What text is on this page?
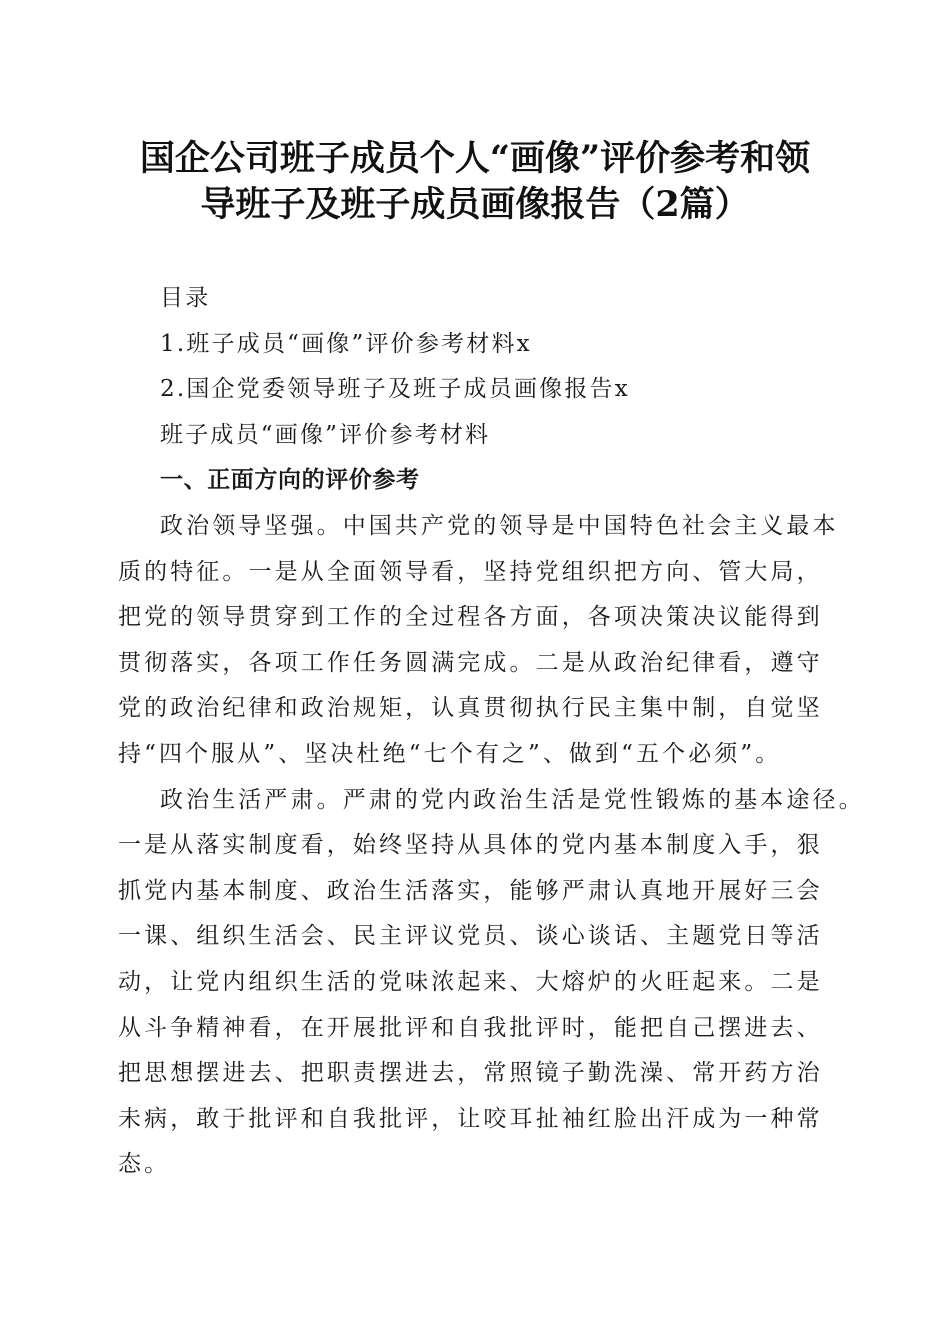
国企公司班子成员个人“画像”评价参考和领
导班子及班子成员画像报告（2篇）
目录
1.班子成员“画像”评价参考材料x
2.国企党委领导班子及班子成员画像报告x
班子成员“画像”评价参考材料
一、正面方向的评价参考
政治领导坚强。中国共产党的领导是中国特色社会主义最本
质的特征。一是从全面领导看，坚持党组织把方向、管大局，
把党的领导贯穿到工作的全过程各方面，各项决策决议能得到
贯彻落实，各项工作任务圆满完成。二是从政治纪律看，遵守
党的政治纪律和政治规矩，认真贯彻执行民主集中制，自觉坚
持“四个服从”、坚决杜绝“七个有之”、做到“五个必须”。
政治生活严肃。严肃的党内政治生活是党性锻炼的基本途径。
一是从落实制度看，始终坚持从具体的党内基本制度入手，狠
抓党内基本制度、政治生活落实，能够严肃认真地开展好三会
一课、组织生活会、民主评议党员、谈心谈话、主题党日等活
动，让党内组织生活的党味浓起来、大熔炉的火旺起来。二是
从斗争精神看，在开展批评和自我批评时，能把自己摆进去、
把思想摆进去、把职责摆进去，常照镜子勤洗澡、常开药方治
未病，敢于批评和自我批评，让咬耳扯袖红脸出汗成为一种常
态。
